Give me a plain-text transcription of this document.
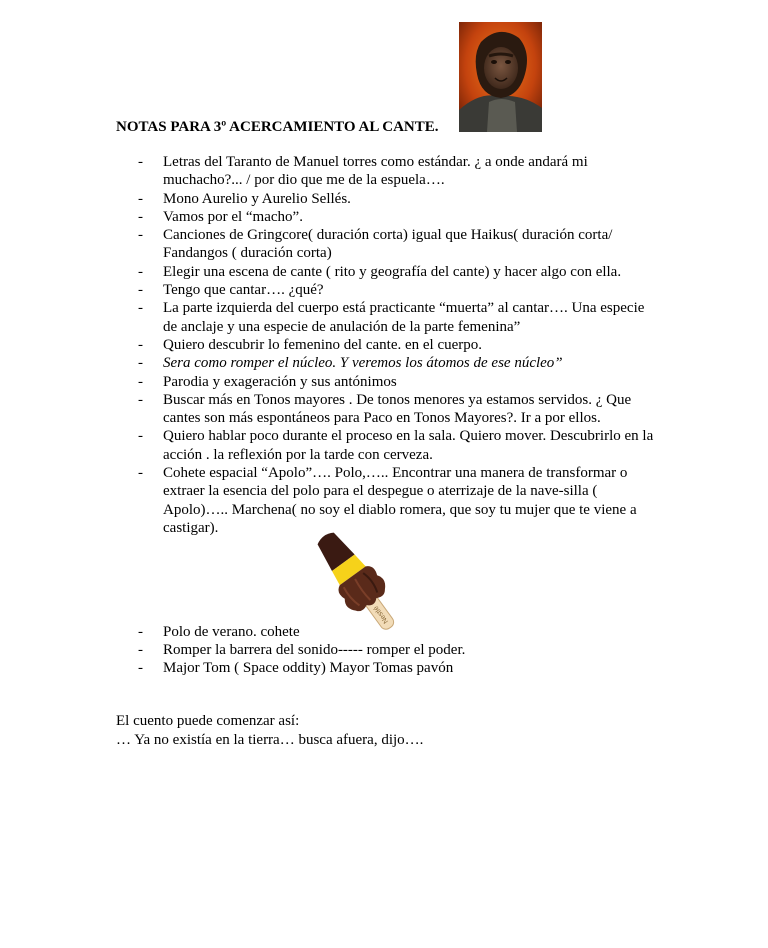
NOTAS PARA 3º ACERCAMIENTO AL CANTE.
- Letras del Taranto de Manuel torres como estándar. ¿ a onde andará mi muchacho?... / por dio que me de la espuela….
- Mono Aurelio y Aurelio Sellés.
- Vamos por el “macho”.
- Canciones de Gringcore( duración corta) igual que Haikus( duración corta/ Fandangos ( duración corta)
- Elegir una escena de cante ( rito y geografía del cante) y hacer algo con ella.
- Tengo que cantar…. ¿qué?
- La parte izquierda del cuerpo está practicante “muerta” al cantar…. Una especie de anclaje y una especie de anulación de la parte femenina”
- Quiero descubrir lo femenino del cante. en el cuerpo.
- Sera como romper el núcleo. Y veremos los átomos de ese núcleo”
- Parodia y exageración y sus antónimos
- Buscar más en Tonos mayores . De tonos menores ya estamos servidos. ¿ Que cantes son más espontáneos para Paco en Tonos Mayores?. Ir a por ellos.
- Quiero hablar poco durante el proceso en la sala. Quiero mover. Descubrirlo en la acción . la reflexión por la tarde con cerveza.
- Cohete espacial “Apolo”…. Polo,….. Encontrar una manera de transformar o extraer la esencia del polo para el despegue o aterrizaje de la nave-silla ( Apolo)….. Marchena( no soy el diablo romera, que soy tu mujer que te viene a castigar).
Nestlé
- Polo de verano. cohete
- Romper la barrera del sonido----- romper el poder.
- Major Tom ( Space oddity) Mayor Tomas pavón
El cuento puede comenzar así:
… Ya no existía en la tierra… busca afuera, dijo….
